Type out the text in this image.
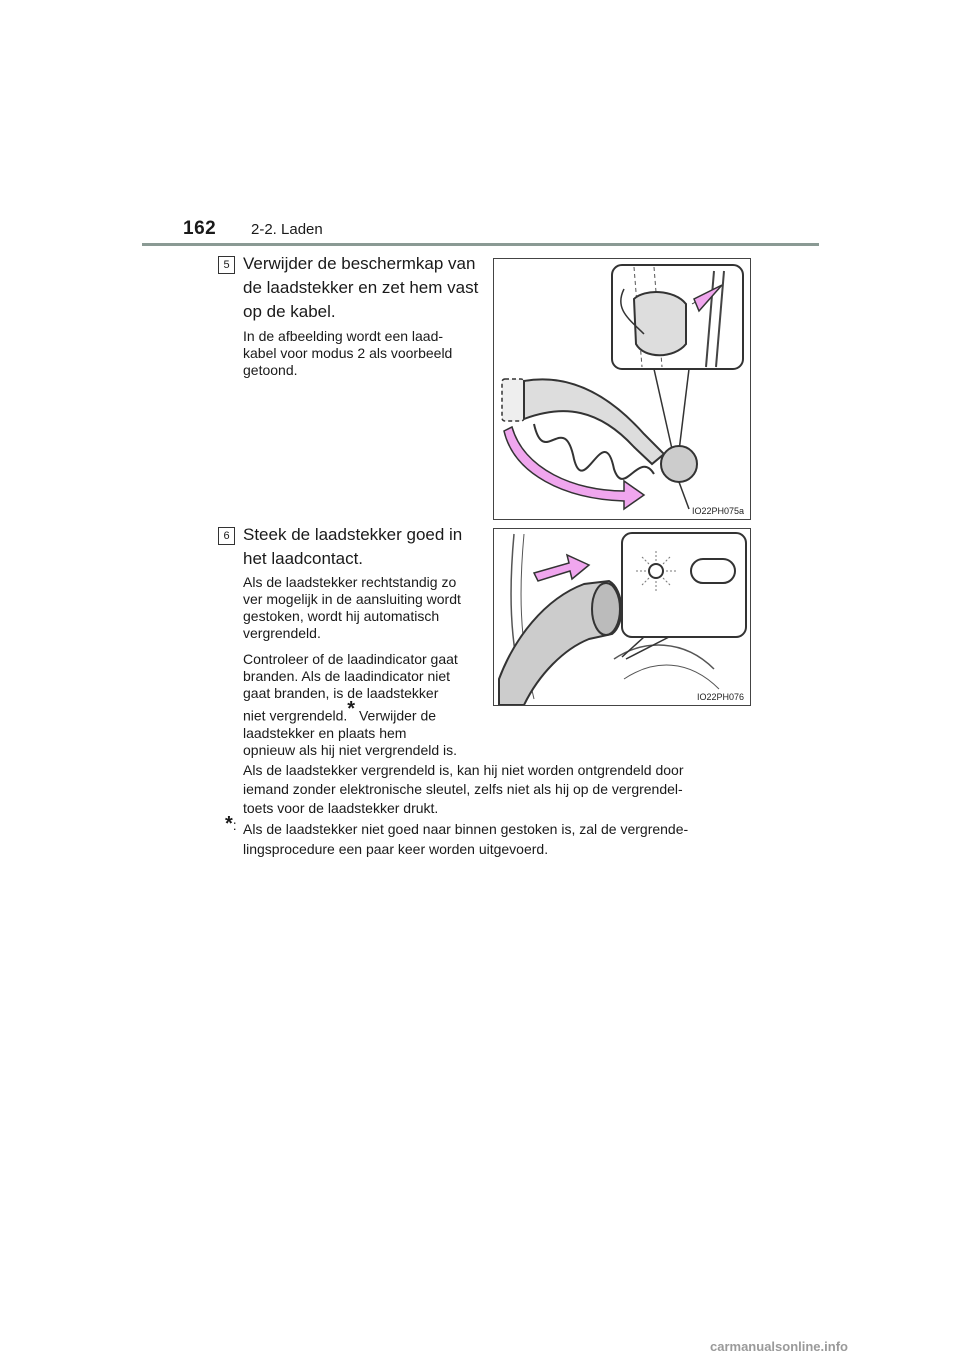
162 2-2. Laden
5 Verwijder de beschermkap van
de laadstekker en zet hem vast
op de kabel.
In de afbeelding wordt een laad-
kabel voor modus 2 als voorbeeld
getoond.
IO22PH075a
6 Steek de laadstekker goed in
het laadcontact.
Als de laadstekker rechtstandig zo
ver mogelijk in de aansluiting wordt
gestoken, wordt hij automatisch
vergrendeld.
Controleer of de laadindicator gaat
branden. Als de laadindicator niet
gaat branden, is de laadstekker
niet vergrendeld.* Verwijder de
laadstekker en plaats hem
opnieuw als hij niet vergrendeld is.
IO22PH076
Als de laadstekker vergrendeld is, kan hij niet worden ontgrendeld door
iemand zonder elektronische sleutel, zelfs niet als hij op de vergrendel-
toets voor de laadstekker drukt.
*: Als de laadstekker niet goed naar binnen gestoken is, zal de vergrende-
lingsprocedure een paar keer worden uitgevoerd.
carmanualsonline.info
